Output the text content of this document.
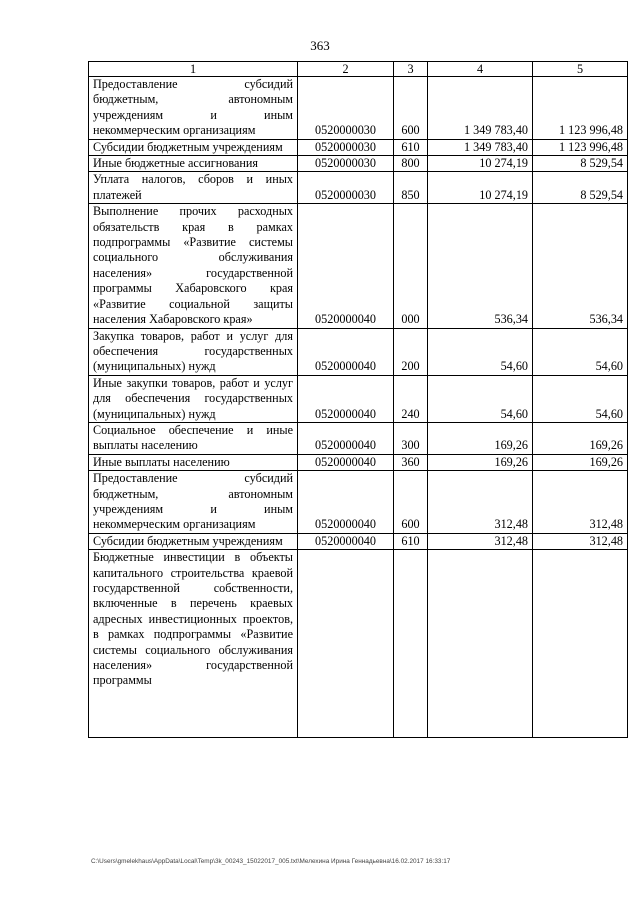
363
1	2	3	4	5
Предоставление субсидий бюджетным, автономным учреждениям и иным некоммерческим организациям	0520000030	600	1 349 783,40	1 123 996,48
Субсидии бюджетным учреждениям	0520000030	610	1 349 783,40	1 123 996,48
Иные бюджетные ассигнования	0520000030	800	10 274,19	8 529,54
Уплата налогов, сборов и иных платежей	0520000030	850	10 274,19	8 529,54
Выполнение прочих расходных обязательств края в рамках подпрограммы «Развитие системы социального обслуживания населения» государственной программы Хабаровского края «Развитие социальной защиты населения Хабаровского края»	0520000040	000	536,34	536,34
Закупка товаров, работ и услуг для обеспечения государственных (муниципальных) нужд	0520000040	200	54,60	54,60
Иные закупки товаров, работ и услуг для обеспечения государственных (муниципальных) нужд	0520000040	240	54,60	54,60
Социальное обеспечение и иные выплаты населению	0520000040	300	169,26	169,26
Иные выплаты населению	0520000040	360	169,26	169,26
Предоставление субсидий бюджетным, автономным учреждениям и иным некоммерческим организациям	0520000040	600	312,48	312,48
Субсидии бюджетным учреждениям	0520000040	610	312,48	312,48
Бюджетные инвестиции в объекты капитального строительства краевой государственной собственности, включенные в перечень краевых адресных инвестиционных проектов, в рамках подпрограммы «Развитие системы социального обслуживания населения» государственной программы				
C:\Users\gmelekhaus\AppData\Local\Temp\3k_00243_15022017_005.txt\Мелехина Ирина Геннадьевна\16.02.2017 16:33:17
